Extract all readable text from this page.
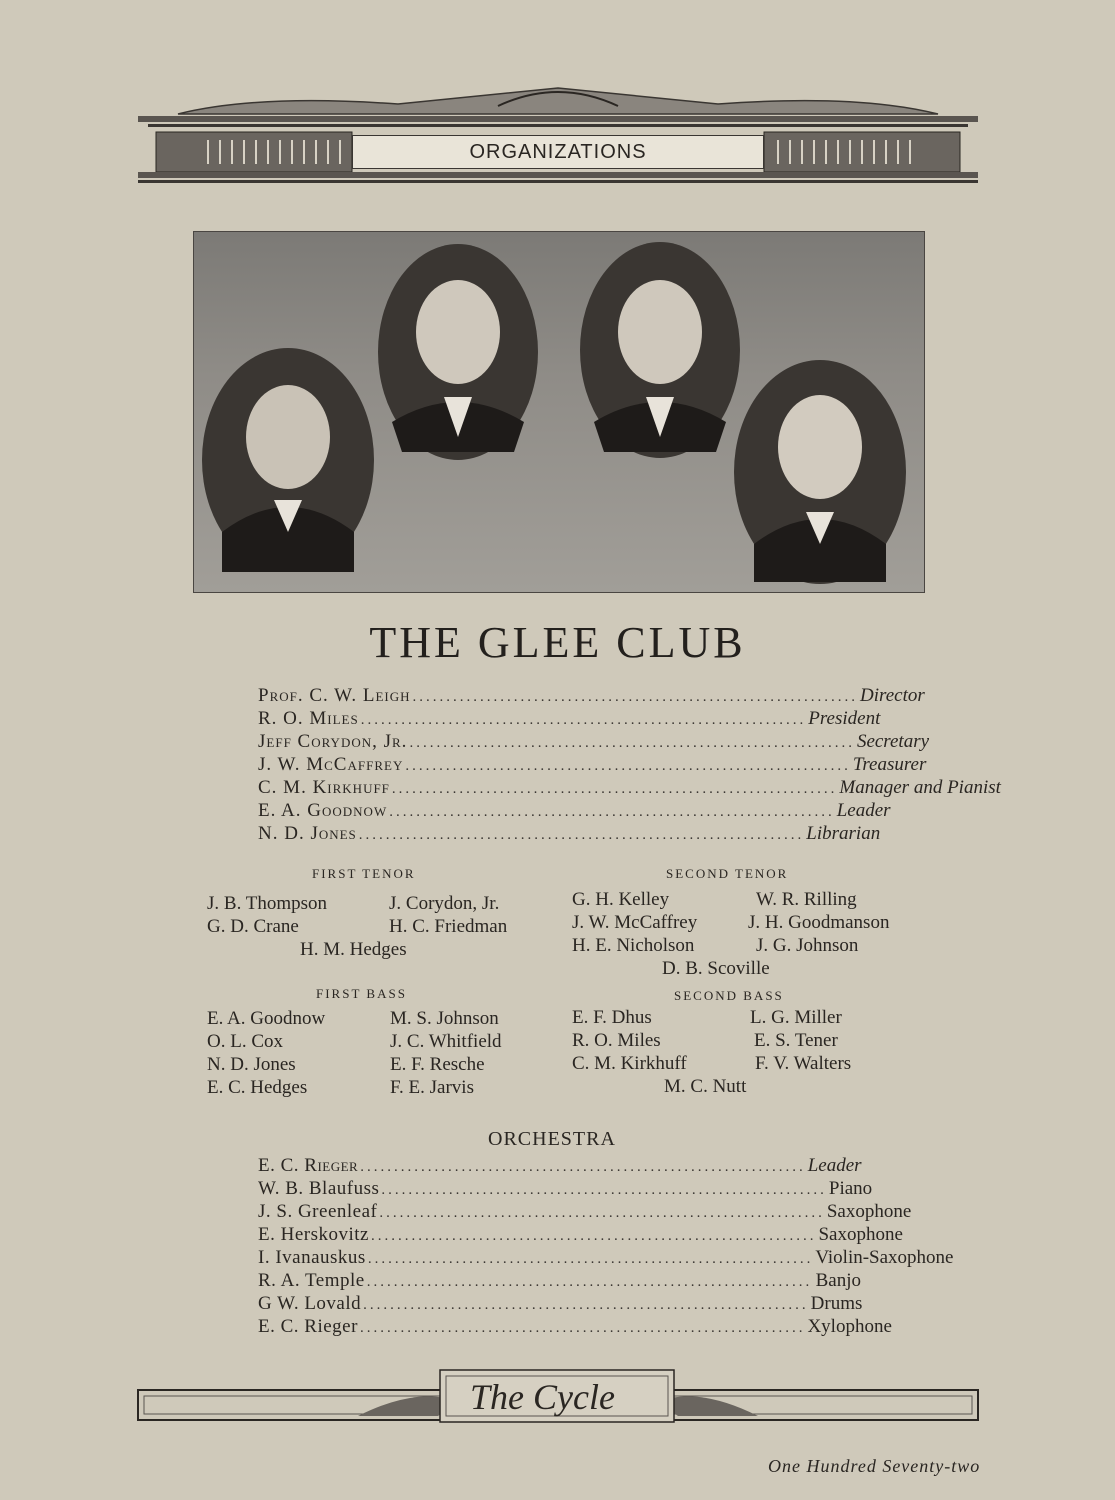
ORGANIZATIONS
THE GLEE CLUB
Prof. C. W. Leigh .................................................................. Director
R. O. Miles .................................................................. President
Jeff Corydon, Jr. .................................................................. Secretary
J. W. McCaffrey .................................................................. Treasurer
C. M. Kirkhuff .................................................................. Manager and Pianist
E. A. Goodnow .................................................................. Leader
N. D. Jones .................................................................. Librarian
FIRST TENOR
J. B. Thompson	J. Corydon, Jr.
G. D. Crane	H. C. Friedman
H. M. Hedges
SECOND TENOR
G. H. Kelley	W. R. Rilling
J. W. McCaffrey	J. H. Goodmanson
H. E. Nicholson	J. G. Johnson
D. B. Scoville
FIRST BASS
E. A. Goodnow	M. S. Johnson
O. L. Cox	J. C. Whitfield
N. D. Jones	E. F. Resche
E. C. Hedges	F. E. Jarvis
SECOND BASS
E. F. Dhus	L. G. Miller
R. O. Miles	E. S. Tener
C. M. Kirkhuff	F. V. Walters
M. C. Nutt
ORCHESTRA
E. C. Rieger .................................................................. Leader
W. B. Blaufuss .................................................................. Piano
J. S. Greenleaf .................................................................. Saxophone
E. Herskovitz .................................................................. Saxophone
I. Ivanauskus .................................................................. Violin-Saxophone
R. A. Temple .................................................................. Banjo
G W. Lovald .................................................................. Drums
E. C. Rieger .................................................................. Xylophone
The Cycle
One Hundred Seventy-two
